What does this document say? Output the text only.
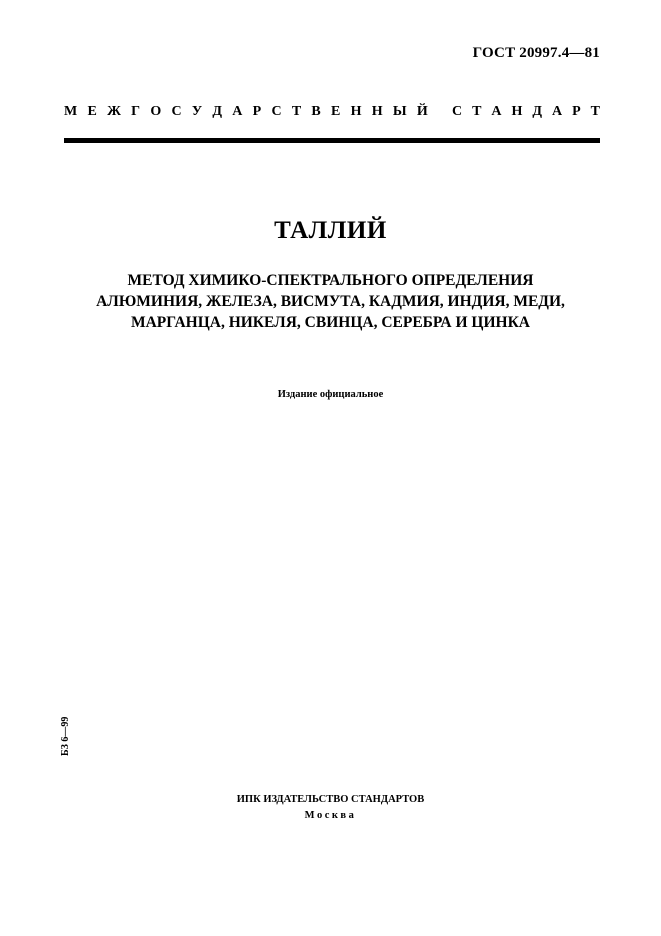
ГОСТ 20997.4—81
М Е Ж Г О С У Д А Р С Т В Е Н Н Ы Й С Т А Н Д А Р Т
ТАЛЛИЙ
МЕТОД ХИМИКО-СПЕКТРАЛЬНОГО ОПРЕДЕЛЕНИЯ
АЛЮМИНИЯ, ЖЕЛЕЗА, ВИСМУТА, КАДМИЯ, ИНДИЯ, МЕДИ,
МАРГАНЦА, НИКЕЛЯ, СВИНЦА, СЕРЕБРА И ЦИНКА
Издание официальное
БЗ 6—99
ИПК ИЗДАТЕЛЬСТВО СТАНДАРТОВ
Москва
